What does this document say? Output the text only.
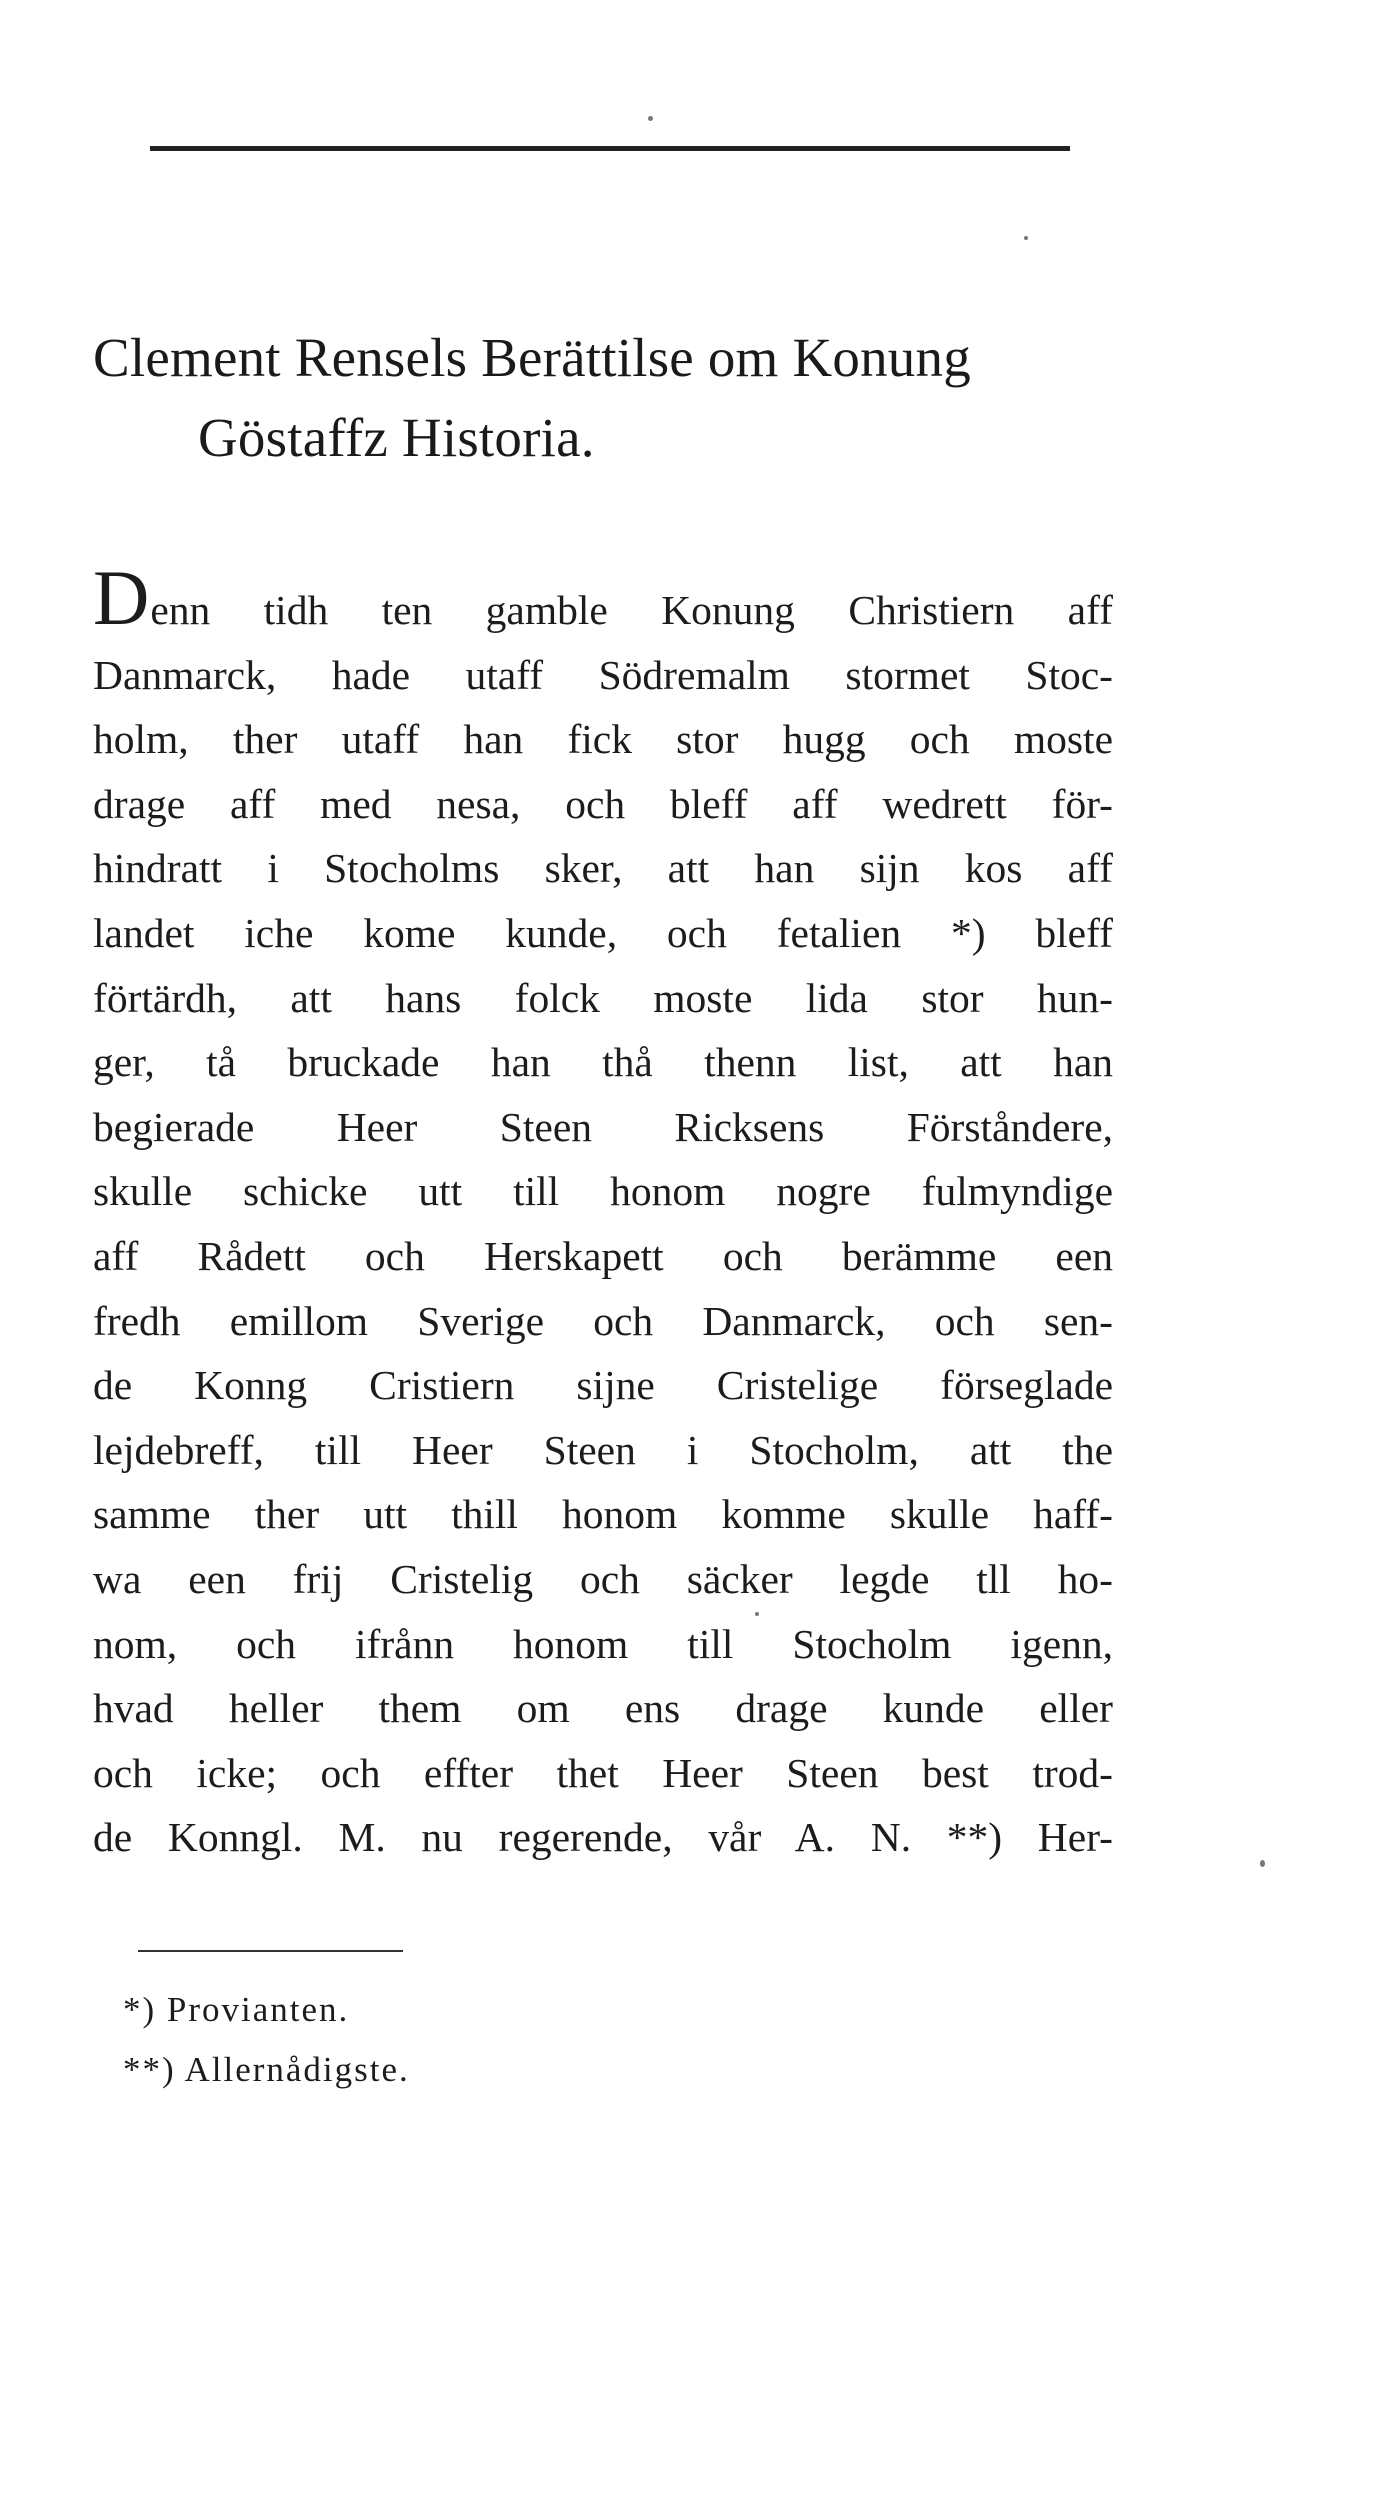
Clement Rensels Berättilse om Konung
Göstaffz Historia.
Denn tidh ten gamble Konung Christiern aff
Danmarck, hade utaff Södremalm stormet Stoc-
holm, ther utaff han fick stor hugg och moste
drage aff med nesa, och bleff aff wedrett för-
hindratt i Stocholms sker, att han sijn kos aff
landet iche kome kunde, och fetalien *) bleff
förtärdh, att hans folck moste lida stor hun-
ger, tå bruckade han thå thenn list, att han
begierade Heer Steen Ricksens Förståndere,
skulle schicke utt till honom nogre fulmyndige
aff Rådett och Herskapett och berämme een
fredh emillom Sverige och Danmarck, och sen-
de Konng Cristiern sijne Cristelige förseglade
lejdebreff, till Heer Steen i Stocholm, att the
samme ther utt thill honom komme skulle haff-
wa een frij Cristelig och säcker legde tll ho-
nom, och ifrånn honom till Stocholm igenn,
hvad heller them om ens drage kunde eller
och icke; och effter thet Heer Steen best trod-
de Konngl. M. nu regerende, vår A. N. **) Her-
*) Provianten.
**) Allernådigste.
